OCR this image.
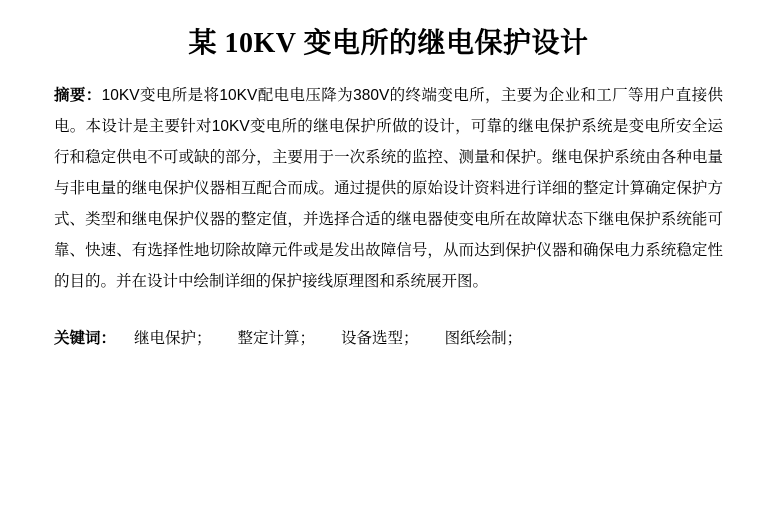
某 10KV 变电所的继电保护设计
摘要：10KV变电所是将10KV配电电压降为380V的终端变电所，主要为企业和工厂等用户直接供电。本设计是主要针对10KV变电所的继电保护所做的设计，可靠的继电保护系统是变电所安全运行和稳定供电不可或缺的部分，主要用于一次系统的监控、测量和保护。继电保护系统由各种电量与非电量的继电保护仪器相互配合而成。通过提供的原始设计资料进行详细的整定计算确定保护方式、类型和继电保护仪器的整定值，并选择合适的继电器使变电所在故障状态下继电保护系统能可靠、快速、有选择性地切除故障元件或是发出故障信号，从而达到保护仪器和确保电力系统稳定性的目的。并在设计中绘制详细的保护接线原理图和系统展开图。
关键词： 继电保护； 整定计算； 设备选型； 图纸绘制；
